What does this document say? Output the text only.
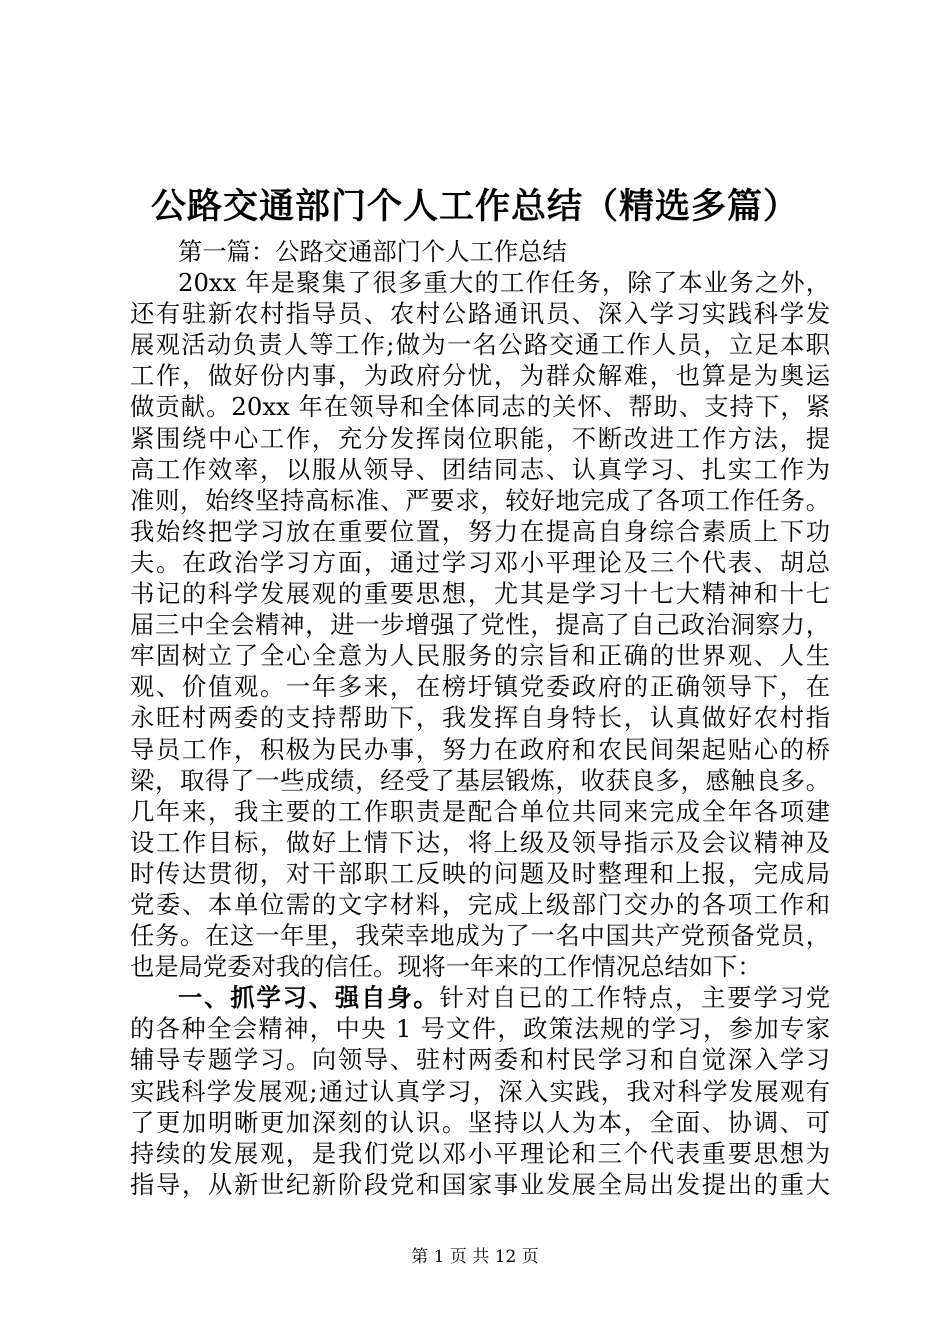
公路交通部门个人工作总结（精选多篇）
第一篇：公路交通部门个人工作总结
20xx 年是聚集了很多重大的工作任务，除了本业务之外，
还有驻新农村指导员、农村公路通讯员、深入学习实践科学发
展观活动负责人等工作;做为一名公路交通工作人员，立足本职
工作，做好份内事，为政府分忧，为群众解难，也算是为奥运
做贡献。20xx 年在领导和全体同志的关怀、帮助、支持下，紧
紧围绕中心工作，充分发挥岗位职能，不断改进工作方法，提
高工作效率，以服从领导、团结同志、认真学习、扎实工作为
准则，始终坚持高标准、严要求，较好地完成了各项工作任务。
我始终把学习放在重要位置，努力在提高自身综合素质上下功
夫。在政治学习方面，通过学习邓小平理论及三个代表、胡总
书记的科学发展观的重要思想，尤其是学习十七大精神和十七
届三中全会精神，进一步增强了党性，提高了自己政治洞察力，
牢固树立了全心全意为人民服务的宗旨和正确的世界观、人生
观、价值观。一年多来，在榜圩镇党委政府的正确领导下，在
永旺村两委的支持帮助下，我发挥自身特长，认真做好农村指
导员工作，积极为民办事，努力在政府和农民间架起贴心的桥
梁，取得了一些成绩，经受了基层锻炼，收获良多，感触良多。
几年来，我主要的工作职责是配合单位共同来完成全年各项建
设工作目标，做好上情下达，将上级及领导指示及会议精神及
时传达贯彻，对干部职工反映的问题及时整理和上报，完成局
党委、本单位需的文字材料，完成上级部门交办的各项工作和
任务。在这一年里，我荣幸地成为了一名中国共产党预备党员，
也是局党委对我的信任。现将一年来的工作情况总结如下：
一、抓学习、强自身。针对自已的工作特点，主要学习党
的各种全会精神，中央 1 号文件，政策法规的学习，参加专家
辅导专题学习。向领导、驻村两委和村民学习和自觉深入学习
实践科学发展观;通过认真学习，深入实践，我对科学发展观有
了更加明晰更加深刻的认识。坚持以人为本，全面、协调、可
持续的发展观，是我们党以邓小平理论和三个代表重要思想为
指导，从新世纪新阶段党和国家事业发展全局出发提出的重大
第 1 页 共 12 页
